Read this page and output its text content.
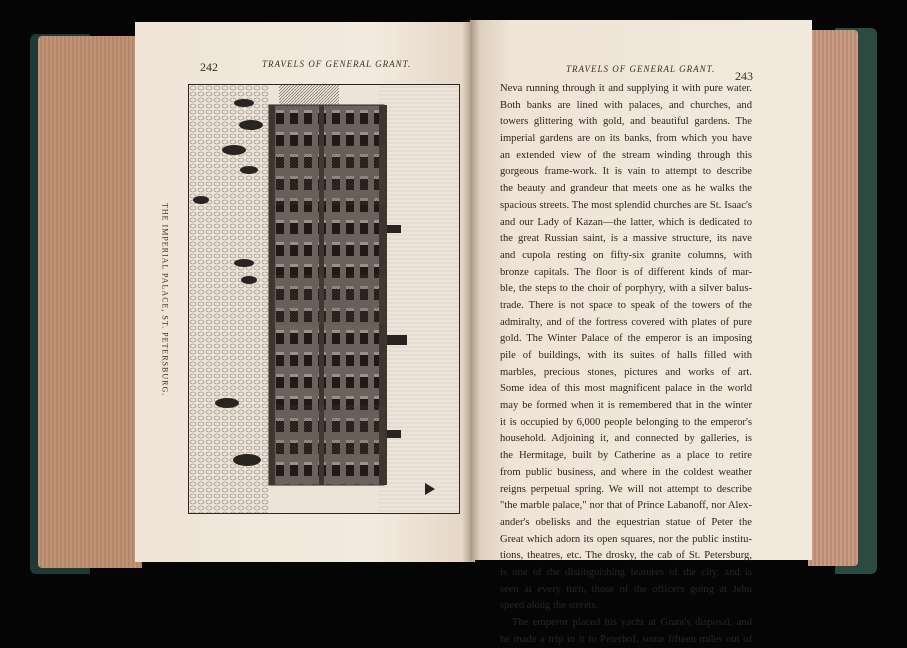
242	TRAVELS OF GENERAL GRANT.
THE IMPERIAL PALACE, ST. PETERSBURG.
TRAVELS OF GENERAL GRANT. 243
Neva running through it and supplying it with pure water.
Both banks are lined with palaces, and churches, and
towers glittering with gold, and beautiful gardens. The
imperial gardens are on its banks, from which you have
an extended view of the stream winding through this
gorgeous frame-work. It is vain to attempt to describe
the beauty and grandeur that meets one as he walks the
spacious streets. The most splendid churches are St. Isaac's
and our Lady of Kazan—the latter, which is dedicated to
the great Russian saint, is a massive structure, its nave
and cupola resting on fifty-six granite columns, with
bronze capitals. The floor is of different kinds of mar-
ble, the steps to the choir of porphyry, with a silver balus-
trade. There is not space to speak of the towers of the
admiralty, and of the fortress covered with plates of pure
gold. The Winter Palace of the emperor is an imposing
pile of buildings, with its suites of halls filled with
marbles, precious stones, pictures and works of art.
Some idea of this most magnificent palace in the world
may be formed when it is remembered that in the winter
it is occupied by 6,000 people belonging to the emperor's
household. Adjoining it, and connected by galleries, is
the Hermitage, built by Catherine as a place to retire
from public business, and where in the coldest weather
reigns perpetual spring. We will not attempt to describe
"the marble palace," nor that of Prince Labanoff, nor Alex-
ander's obelisks and the equestrian statue of Peter the
Great which adorn its open squares, nor the public institu-
tions, theatres, etc. The drosky, the cab of St. Petersburg,
is one of the distinguishing features of the city, and is
seen at every turn, those of the officers going at Jehu
speed along the streets.
The emperor placed his yacht at Grant's disposal, and
he made a trip in it to Peterhof, some fifteen miles out of
